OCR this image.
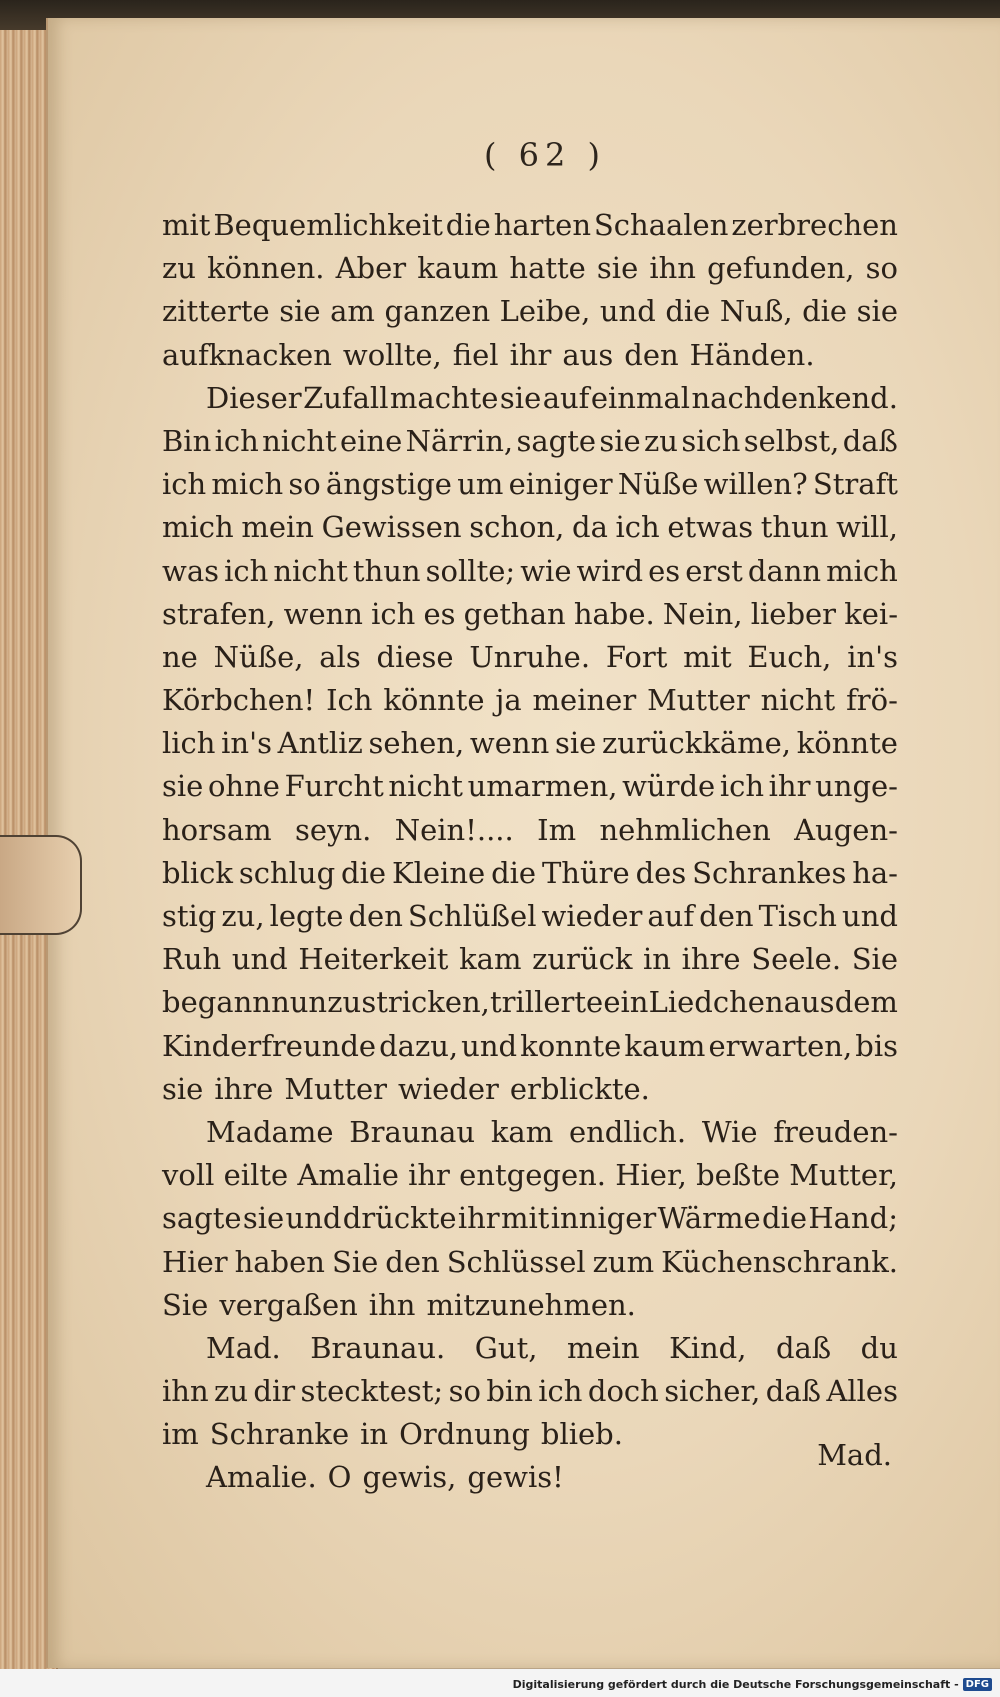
( 62 )
mit Bequemlichkeit die harten Schaalen zerbrechen
zu können. Aber kaum hatte sie ihn gefunden, so
zitterte sie am ganzen Leibe, und die Nuß, die sie
aufknacken wollte, fiel ihr aus den Händen.
Dieser Zufall machte sie auf einmal nachdenkend.
Bin ich nicht eine Närrin, sagte sie zu sich selbst, daß
ich mich so ängstige um einiger Nüße willen? Straft
mich mein Gewissen schon, da ich etwas thun will,
was ich nicht thun sollte; wie wird es erst dann mich
strafen, wenn ich es gethan habe. Nein, lieber kei-
ne Nüße, als diese Unruhe. Fort mit Euch, in's
Körbchen! Ich könnte ja meiner Mutter nicht frö-
lich in's Antliz sehen, wenn sie zurückkäme, könnte
sie ohne Furcht nicht umarmen, würde ich ihr unge-
horsam seyn. Nein!.... Im nehmlichen Augen-
blick schlug die Kleine die Thüre des Schrankes ha-
stig zu, legte den Schlüßel wieder auf den Tisch und
Ruh und Heiterkeit kam zurück in ihre Seele. Sie
begann nun zu stricken, trillerte ein Liedchen aus dem
Kinderfreunde dazu, und konnte kaum erwarten, bis
sie ihre Mutter wieder erblickte.
Madame Braunau kam endlich. Wie freuden-
voll eilte Amalie ihr entgegen. Hier, beßte Mutter,
sagte sie und drückte ihr mit inniger Wärme die Hand;
Hier haben Sie den Schlüssel zum Küchenschrank.
Sie vergaßen ihn mitzunehmen.
Mad. Braunau. Gut, mein Kind, daß du
ihn zu dir stecktest; so bin ich doch sicher, daß Alles
im Schranke in Ordnung blieb.
Amalie. O gewis, gewis!
Mad.
Digitalisierung gefördert durch die Deutsche Forschungsgemeinschaft - DFG
